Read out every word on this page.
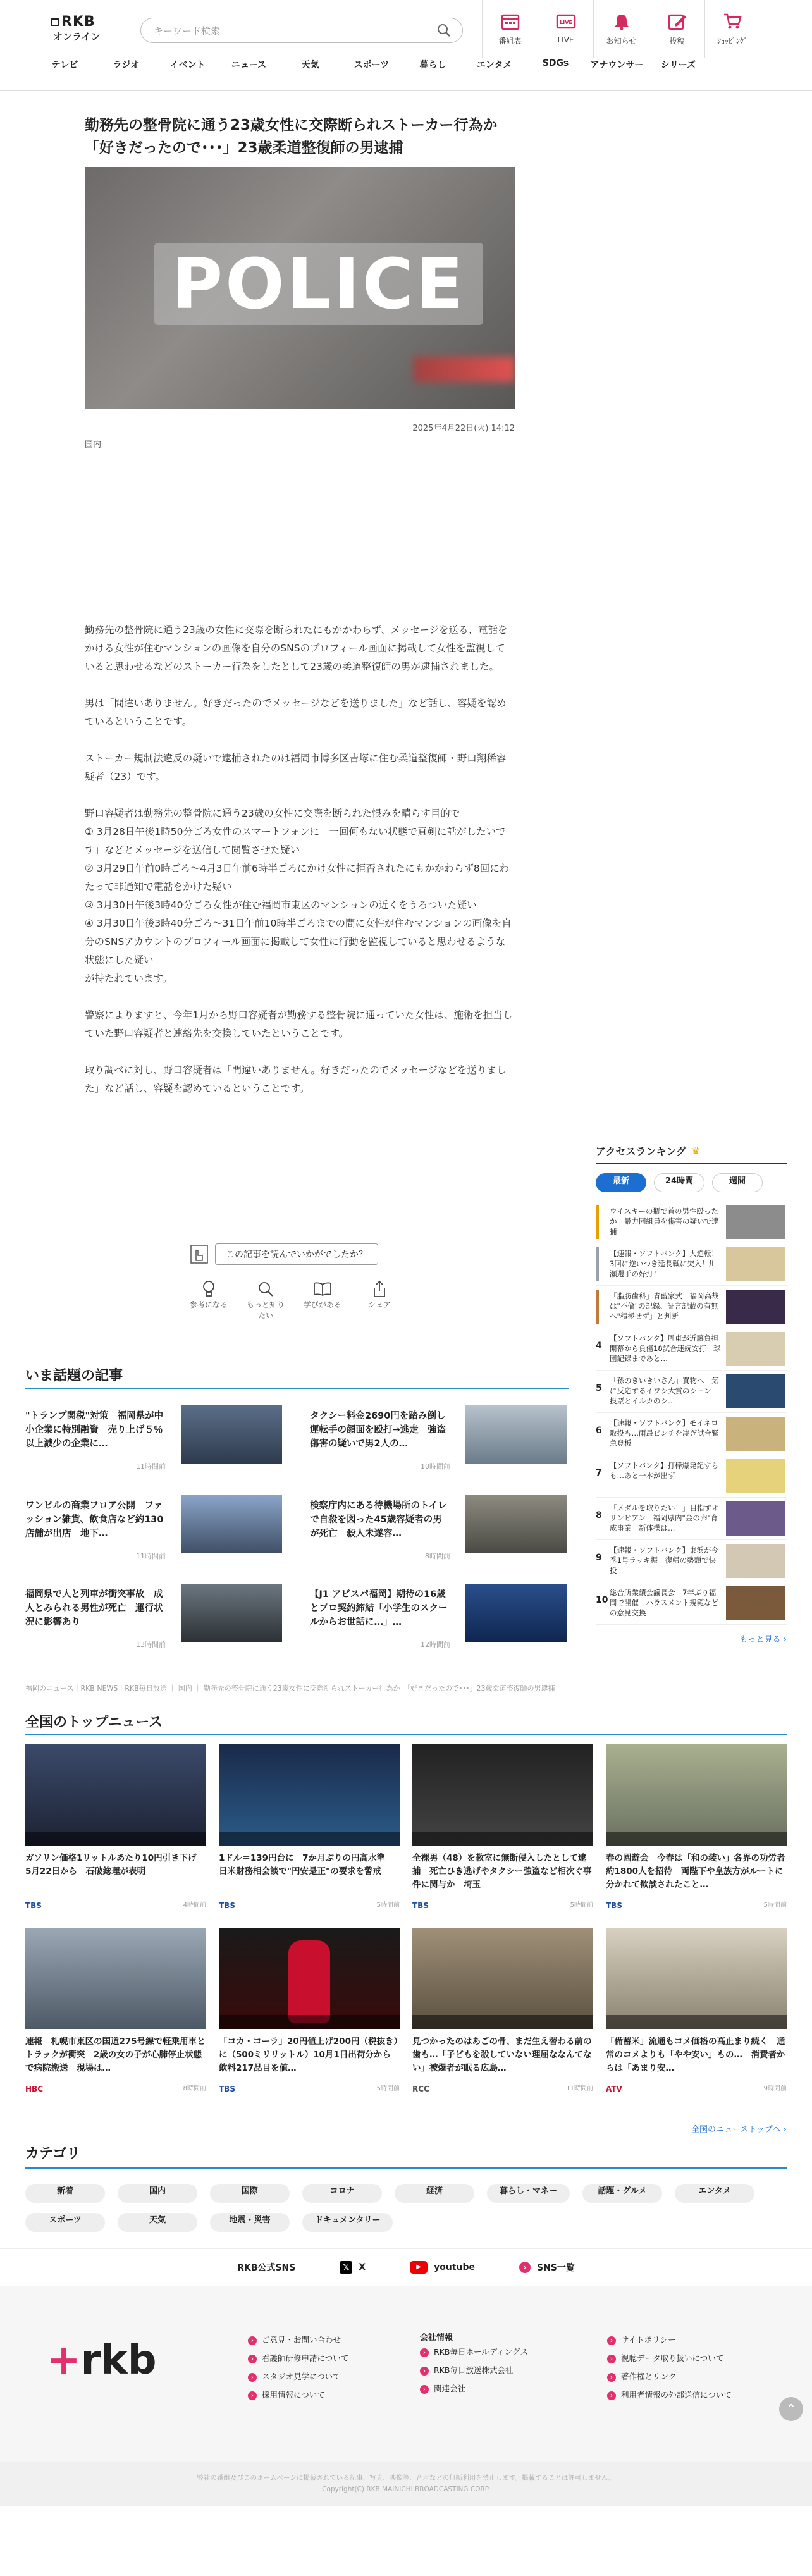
RKB
オンライン
キーワード検索
番組表
LIVE
LIVE	お知らせ	投稿	ｼｮｯﾋﾟﾝｸﾞ
テレビ	ラジオ	イベント	ニュース	天気	スポーツ	暮らし	エンタメ	SDGs	アナウンサー	シリーズ
勤務先の整骨院に通う23歳女性に交際断られストーカー行為か「好きだったので･･･」23歳柔道整復師の男逮捕
POLICE
2025年4月22日(火) 14:12
国内

勤務先の整骨院に通う23歳の女性に交際を断られたにもかかわらず、メッセージを送る、電話をかける女性が住むマンションの画像を自分のSNSのプロフィール画面に掲載して女性を監視していると思わせるなどのストーカー行為をしたとして23歳の柔道整復師の男が逮捕されました。

男は「間違いありません。好きだったのでメッセージなどを送りました」など話し、容疑を認めているということです。

ストーカー規制法違反の疑いで逮捕されたのは福岡市博多区吉塚に住む柔道整復師・野口翔稀容疑者（23）です。

野口容疑者は勤務先の整骨院に通う23歳の女性に交際を断られた恨みを晴らす目的で
① 3月28日午後1時50分ごろ女性のスマートフォンに「一回何もない状態で真剣に話がしたいです」などとメッセージを送信して閲覧させた疑い
② 3月29日午前0時ごろ〜4月3日午前6時半ごろにかけ女性に拒否されたにもかかわらず8回にわたって非通知で電話をかけた疑い
③ 3月30日午後3時40分ごろ女性が住む福岡市東区のマンションの近くをうろついた疑い
④ 3月30日午後3時40分ごろ〜31日午前10時半ごろまでの間に女性が住むマンションの画像を自分のSNSアカウントのプロフィール画面に掲載して女性に行動を監視していると思わせるような状態にした疑い
が持たれています。

警察によりますと、今年1月から野口容疑者が勤務する整骨院に通っていた女性は、施術を担当していた野口容疑者と連絡先を交換していたということです。

取り調べに対し、野口容疑者は「間違いありません。好きだったのでメッセージなどを送りました」など話し、容疑を認めているということです。

この記事を読んでいかがでしたか？
参考になる	もっと知りたい
学びがある	シェア
いま話題の記事
"トランプ関税"対策　福岡県が中小企業に特別融資　売り上げ５％以上減少の企業に…
11時間前
タクシー料金2690円を踏み倒し運転手の顔面を殴打→逃走　強盗傷害の疑いで男2人の…
10時間前
ワンピルの商業フロア公開　ファッション雑貨、飲食店など約130店舗が出店　地下…
11時間前
検察庁内にある待機場所のトイレで自殺を図った45歳容疑者の男が死亡　殺人未遂容…
8時間前
福岡県で人と列車が衝突事故　成人とみられる男性が死亡　運行状況に影響あり
13時間前
【J1 アビスパ福岡】期待の16歳とプロ契約締結「小学生のスクールからお世話に…」…
12時間前
アクセスランキング ♛
最新	24時間	週間
ウイスキーの瓶で首の男性殴ったか　暴力団組員を傷害の疑いで逮捕
【速報・ソフトバンク】大逆転！3回に逆いつき延長戦に突入！川瀬選手の好打！
「脂肪歯科」青藍家式　福岡高裁は"不倫"の記録、証言記載の有無へ"積極せず」と判断
4
【ソフトバンク】周東が近藤負担　開幕から負傷18試合連続安打　球団記録まであと…
5
「孫のきいきいさん」買物へ　気に反応するイワシ大賞のシーン　投票とイルカのシ…
6
【速報・ソフトバンク】モイネロ取投も…雨最ピンチを凌ぎ試合緊急登板
7
【ソフトバンク】打棒爆発記すらも…あと一本が出ず
8
「メダルを取りたい！」目指すオリンピアン　福岡県内"金の卵"育成事業　新体操は…
9
【速報・ソフトバンク】東浜が今季1号ラッキ振　復帰の勢頭で快投
10
総合所業績会議長会　7年ぶり福岡で開催　ハラスメント規範などの意見交換
もっと見る ›
福岡のニュース｜RKB NEWS｜RKB毎日放送 ｜ 国内 ｜ 勤務先の整骨院に通う23歳女性に交際断られストーカー行為か　「好きだったので･･･」23歳柔道整復師の男逮捕
全国のトップニュース
ガソリン価格1リットルあたり10円引き下げ　5月22日から　石破総理が表明
TBS	4時間前
1ドル＝139円台に　7か月ぶりの円高水準　日米財務相会談で"円安是正"の要求を警戒
TBS	5時間前
全裸男（48）を教室に無断侵入したとして逮捕　死亡ひき逃げやタクシー強盗など相次ぐ事件に関与か　埼玉
TBS	5時間前
春の園遊会　今春は「和の装い」各界の功労者約1800人を招待　両陛下や皇族方がルートに分かれて歓談されたこと…
TBS	5時間前
速報　札幌市東区の国道275号線で軽乗用車とトラックが衝突　2歳の女の子が心肺停止状態で病院搬送　現場は…
HBC	8時間前
「コカ・コーラ」20円値上げ200円（税抜き）に（500ミリリットル）10月1日出荷分から 飲料217品目を値…
TBS	5時間前
見つかったのはあごの骨、まだ生え替わる前の歯も…「子どもを殺していない理屈ななんてない」被爆者が眠る広島…
RCC	11時間前
「備蓄米」流通もコメ価格の高止まり続く　通常のコメよりも「やや安い」もの…　消費者からは「あまり安…
ATV	9時間前
全国のニューストップへ ›
カテゴリ
新着	国内	国際	コロナ	経済	暮らし・マネー	話題・グルメ	エンタメ
スポーツ	天気	地震・災害	ドキュメンタリー
RKB公式SNS	𝕏	X	▶	youtube	›	SNS一覧
+rkb
›	ご意見・お問い合わせ
› 看護師研修申請について
› スタジオ見学について
› 採用情報について
会社情報
› RKB毎日ホールディングス
› RKB毎日放送株式会社
› 関連会社
› サイトポリシー
› 視聴データ取り扱いについて
› 著作権とリンク
› 利用者情報の外部送信について
⌃
弊社の番組及びこのホームページに掲載されている記事、写真、映像等、音声などの無断利用を禁止します。掲載することは許可しません。
Copyright(C) RKB MAINICHI BROADCASTING CORP.
